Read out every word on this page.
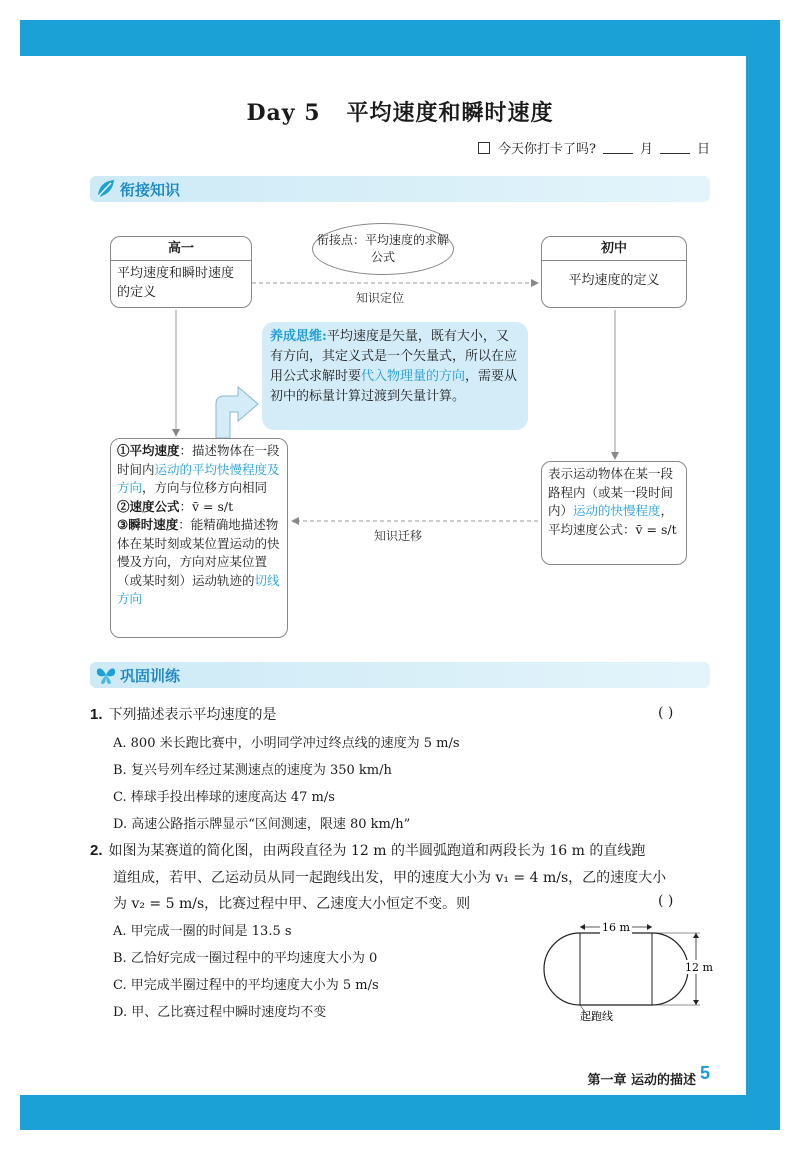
Day 5 平均速度和瞬时速度
今天你打卡了吗?	月	日
衔接知识
高一
平均速度和瞬时速度的定义
衔接点：平均速度的求解公式
初中
平均速度的定义
知识定位
知识迁移
养成思维:平均速度是矢量，既有大小，又有方向，其定义式是一个矢量式，所以在应用公式求解时要代入物理量的方向，需要从初中的标量计算过渡到矢量计算。
①平均速度：描述物体在一段时间内运动的平均快慢程度及方向，方向与位移方向相同
②速度公式：v̄ = s/t
③瞬时速度：能精确地描述物体在某时刻或某位置运动的快慢及方向，方向对应某位置（或某时刻）运动轨迹的切线方向
表示运动物体在某一段路程内（或某一段时间内）运动的快慢程度，平均速度公式：v̄ = s/t
巩固训练
1. 下列描述表示平均速度的是	( )
A. 800 米长跑比赛中，小明同学冲过终点线的速度为 5 m/s
B. 复兴号列车经过某测速点的速度为 350 km/h
C. 棒球手投出棒球的速度高达 47 m/s
D. 高速公路指示牌显示“区间测速，限速 80 km/h”
2. 如图为某赛道的简化图，由两段直径为 12 m 的半圆弧跑道和两段长为 16 m 的直线跑
道组成，若甲、乙运动员从同一起跑线出发，甲的速度大小为 v₁ = 4 m/s，乙的速度大小
为 v₂ = 5 m/s，比赛过程中甲、乙速度大小恒定不变。则	( )
A. 甲完成一圈的时间是 13.5 s
B. 乙恰好完成一圈过程中的平均速度大小为 0
C. 甲完成半圈过程中的平均速度大小为 5 m/s
D. 甲、乙比赛过程中瞬时速度均不变
16 m
12 m
起跑线
第一章 运动的描述 5
